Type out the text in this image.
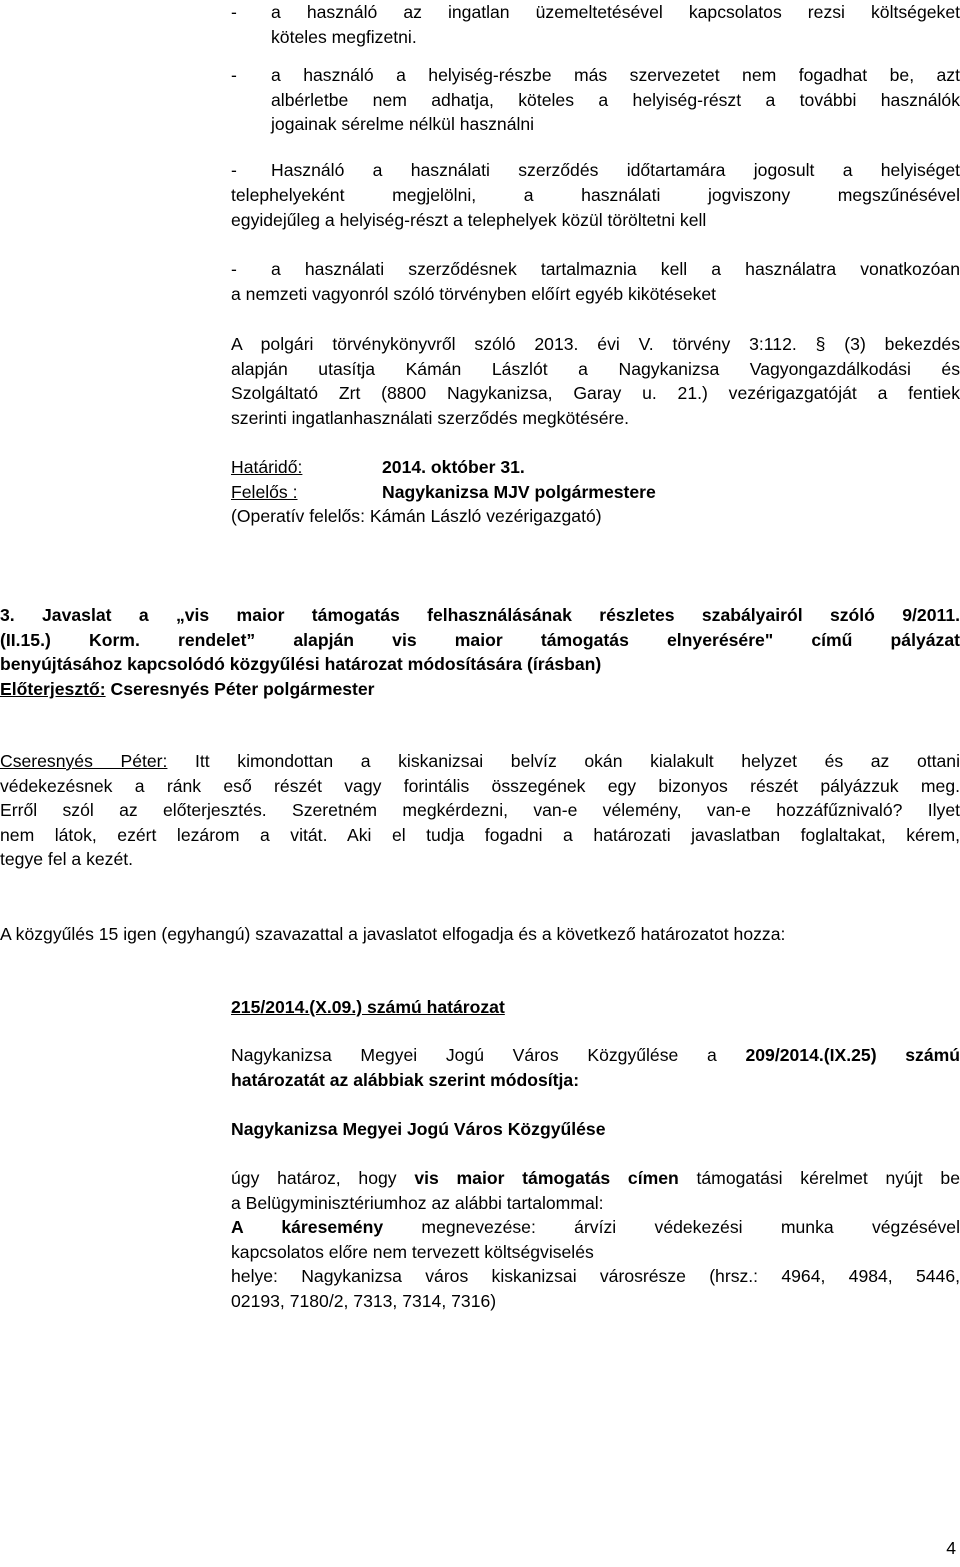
- a használó az ingatlan üzemeltetésével kapcsolatos rezsi költségeket
köteles megfizetni.
- a használó a helyiség-részbe más szervezetet nem fogadhat be, azt
albérletbe nem adhatja, köteles a helyiség-részt a további használók
jogainak sérelme nélkül használni
- Használó a használati szerződés időtartamára jogosult a helyiséget
telephelyeként megjelölni, a használati jogviszony megszűnésével
egyidejűleg a helyiség-részt a telephelyek közül töröltetni kell
- a használati szerződésnek tartalmaznia kell a használatra vonatkozóan
a nemzeti vagyonról szóló törvényben előírt egyéb kikötéseket
A polgári törvénykönyvről szóló 2013. évi V. törvény 3:112. § (3) bekezdés
alapján utasítja Kámán Lászlót a Nagykanizsa Vagyongazdálkodási és
Szolgáltató Zrt (8800 Nagykanizsa, Garay u. 21.) vezérigazgatóját a fentiek
szerinti ingatlanhasználati szerződés megkötésére.
Határidő:	2014. október 31.
Felelős :	Nagykanizsa MJV polgármestere
(Operatív felelős: Kámán László vezérigazgató)
3. Javaslat a „vis maior támogatás felhasználásának részletes szabályairól szóló 9/2011.
(II.15.) Korm. rendelet” alapján vis maior támogatás elnyerésére" című pályázat
benyújtásához kapcsolódó közgyűlési határozat módosítására (írásban)
Előterjesztő: Cseresnyés Péter polgármester
Cseresnyés Péter: Itt kimondottan a kiskanizsai belvíz okán kialakult helyzet és az ottani
védekezésnek a ránk eső részét vagy forintális összegének egy bizonyos részét pályázzuk meg.
Erről szól az előterjesztés. Szeretném megkérdezni, van-e vélemény, van-e hozzáfűznivaló? Ilyet
nem látok, ezért lezárom a vitát. Aki el tudja fogadni a határozati javaslatban foglaltakat, kérem,
tegye fel a kezét.
A közgyűlés 15 igen (egyhangú) szavazattal a javaslatot elfogadja és a következő határozatot hozza:
215/2014.(X.09.) számú határozat
Nagykanizsa Megyei Jogú Város Közgyűlése a 209/2014.(IX.25) számú
határozatát az alábbiak szerint módosítja:
Nagykanizsa Megyei Jogú Város Közgyűlése
úgy határoz, hogy vis maior támogatás címen támogatási kérelmet nyújt be
a Belügyminisztériumhoz az alábbi tartalommal:
A káresemény megnevezése: árvízi védekezési munka végzésével
kapcsolatos előre nem tervezett költségviselés
helye: Nagykanizsa város kiskanizsai városrésze (hrsz.: 4964, 4984, 5446,
02193, 7180/2, 7313, 7314, 7316)
4
